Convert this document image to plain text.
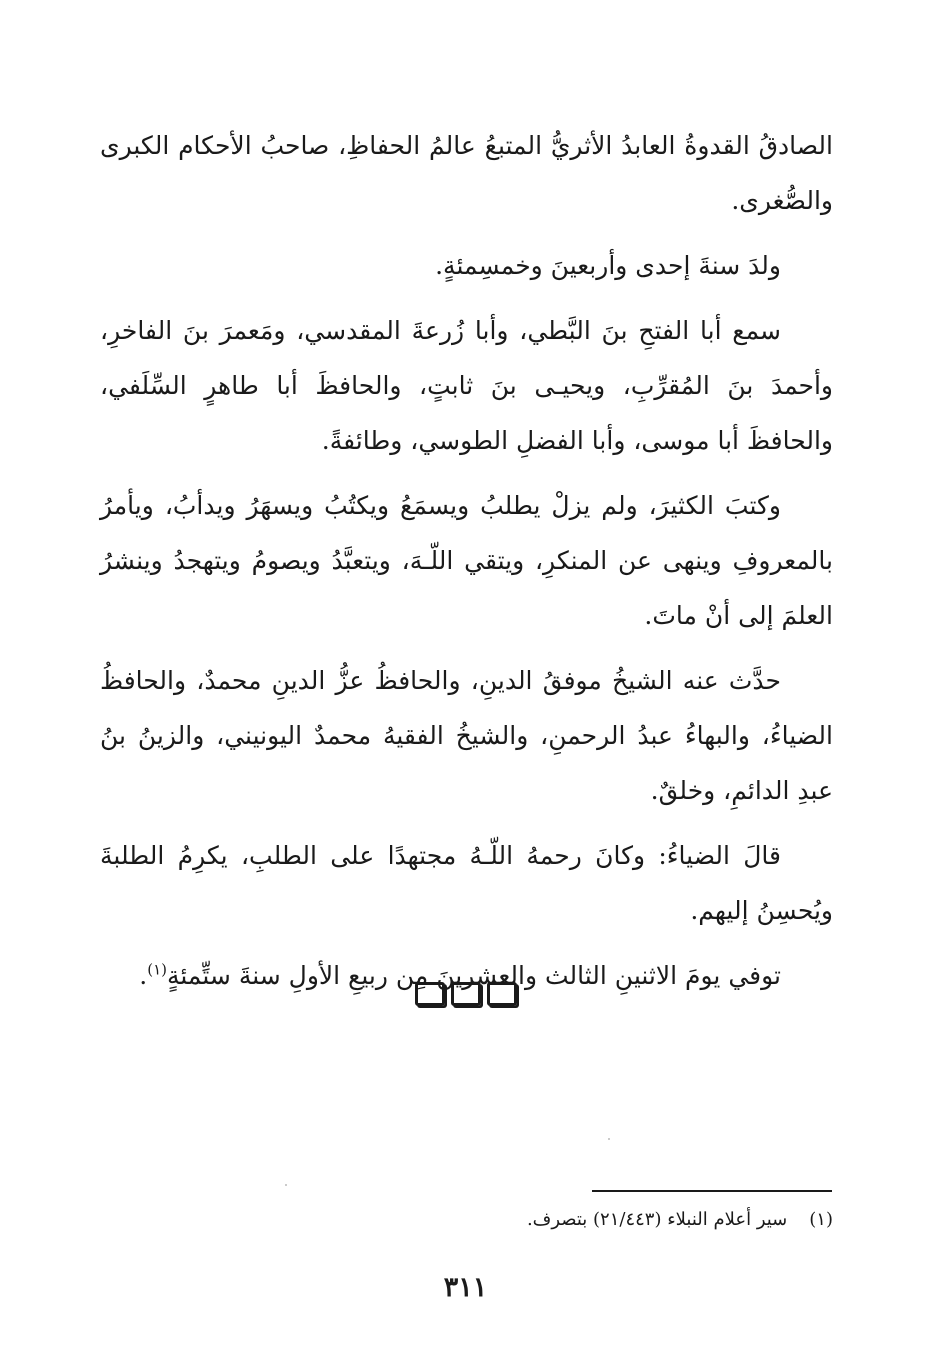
الصادقُ القدوةُ العابدُ الأثريُّ المتبعُ عالمُ الحفاظِ، صاحبُ الأحكام الكبرى والصُّغرى.

ولدَ سنةَ إحدى وأربعينَ وخمسِمئةٍ.

سمع أبا الفتحِ بنَ البَّطي، وأبا زُرعةَ المقدسي، ومَعمرَ بنَ الفاخرِ، وأحمدَ بنَ المُقرِّبِ، ويحيـى بنَ ثابتٍ، والحافظَ أبا طاهرٍ السِّلَفي، والحافظَ أبا موسى، وأبا الفضلِ الطوسي، وطائفةً.

وكتبَ الكثيرَ، ولم يزلْ يطلبُ ويسمَعُ ويكتُبُ ويسهَرُ ويدأبُ، ويأمرُ بالمعروفِ وينهى عن المنكرِ، ويتقي اللّـهَ، ويتعبَّدُ ويصومُ ويتهجدُ وينشرُ العلمَ إلى أنْ ماتَ.

حدَّث عنه الشيخُ موفقُ الدينِ، والحافظُ عزُّ الدينِ محمدٌ، والحافظُ الضياءُ، والبهاءُ عبدُ الرحمنِ، والشيخُ الفقيهُ محمدٌ اليونيني، والزينُ بنُ عبدِ الدائمِ، وخلقٌ.

قالَ الضياءُ: وكانَ رحمهُ اللّـهُ مجتهدًا على الطلبِ، يكرِمُ الطلبةَ ويُحسِنُ إليهم.

توفي يومَ الاثنينِ الثالث والعشرينَ مِن ربيعِ الأولِ سنةَ ستِّمئةٍ$^{(١)}$.

(١)سير أعلام النبلاء (٢١/٤٤٣) بتصرف.
٣١١
